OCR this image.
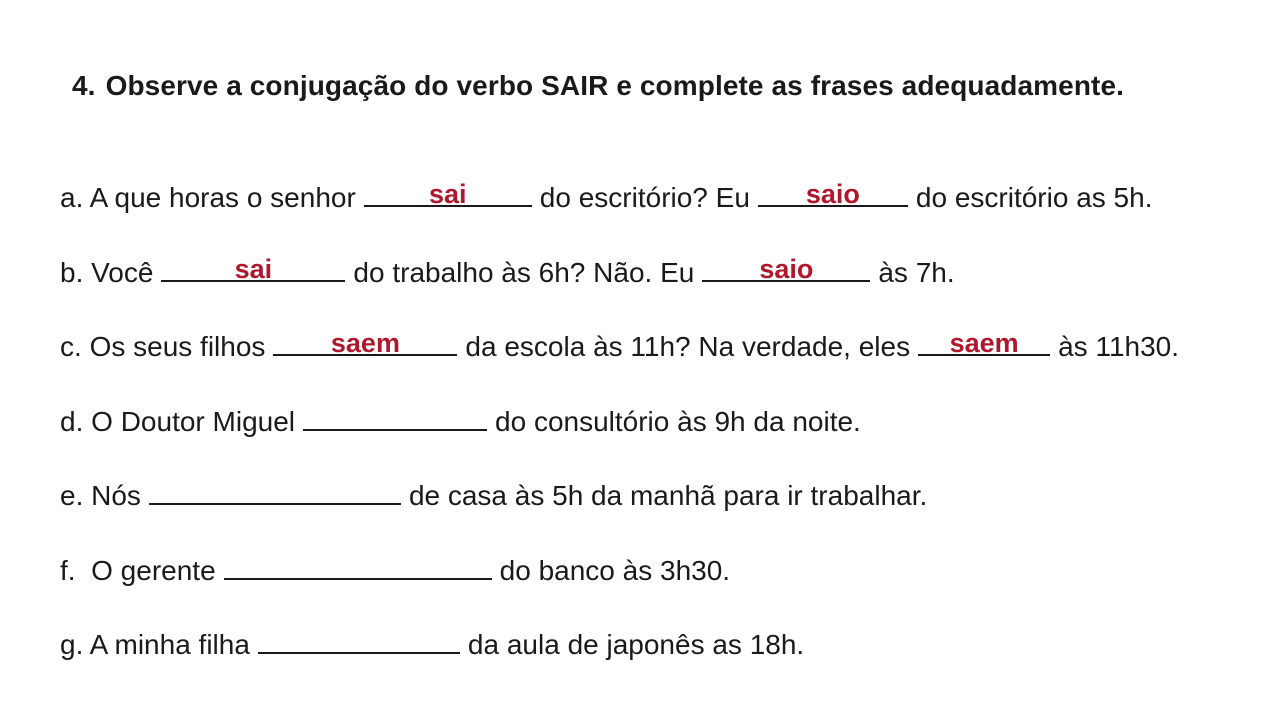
4. Observe a conjugação do verbo SAIR e complete as frases adequadamente.
a. A que horas o senhor	sai	do escritório? Eu	saio	do escritório as 5h.
b. Você	sai	do trabalho às 6h? Não. Eu	saio	às 7h.
c. Os seus filhos	saem	da escola às 11h? Na verdade, eles	saem	às 11h30.
d. O Doutor Miguel	do consultório às 9h da noite.
e. Nós	de casa às 5h da manhã para ir trabalhar.
f. O gerente	do banco às 3h30.
g. A minha filha	da aula de japonês as 18h.
